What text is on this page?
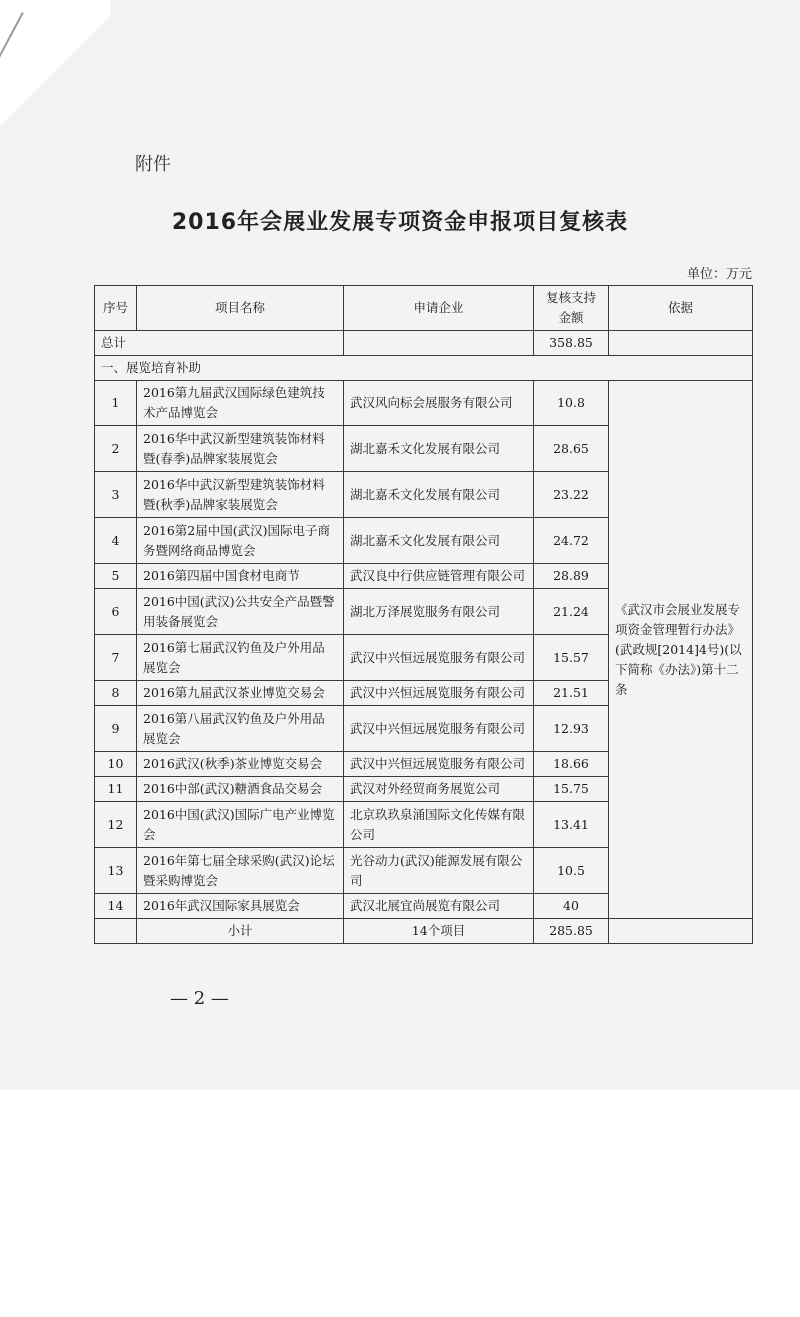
附件
2016年会展业发展专项资金申报项目复核表
单位：万元
序号	项目名称	申请企业	复核支持金额	依据
总计			358.85	
一、展览培育补助				
1	2016第九届武汉国际绿色建筑技术产品博览会	武汉风向标会展服务有限公司	10.8	《武汉市会展业发展专项资金管理暂行办法》(武政规[2014]4号)(以下简称《办法》)第十二条
2	2016华中武汉新型建筑装饰材料暨(春季)品牌家装展览会	湖北嘉禾文化发展有限公司	28.65	
3	2016华中武汉新型建筑装饰材料暨(秋季)品牌家装展览会	湖北嘉禾文化发展有限公司	23.22	
4	2016第2届中国(武汉)国际电子商务暨网络商品博览会	湖北嘉禾文化发展有限公司	24.72	
5	2016第四届中国食材电商节	武汉良中行供应链管理有限公司	28.89	
6	2016中国(武汉)公共安全产品暨警用装备展览会	湖北万泽展览服务有限公司	21.24	
7	2016第七届武汉钓鱼及户外用品展览会	武汉中兴恒远展览服务有限公司	15.57	
8	2016第九届武汉茶业博览交易会	武汉中兴恒远展览服务有限公司	21.51	
9	2016第八届武汉钓鱼及户外用品展览会	武汉中兴恒远展览服务有限公司	12.93	
10	2016武汉(秋季)茶业博览交易会	武汉中兴恒远展览服务有限公司	18.66	
11	2016中部(武汉)糖酒食品交易会	武汉对外经贸商务展览公司	15.75	
12	2016中国(武汉)国际广电产业博览会	北京玖玖泉涌国际文化传媒有限公司	13.41	
13	2016年第七届全球采购(武汉)论坛暨采购博览会	光谷动力(武汉)能源发展有限公司	10.5	
14	2016年武汉国际家具展览会	武汉北展宜尚展览有限公司	40	
	小计	14个项目	285.85	
— 2 —
